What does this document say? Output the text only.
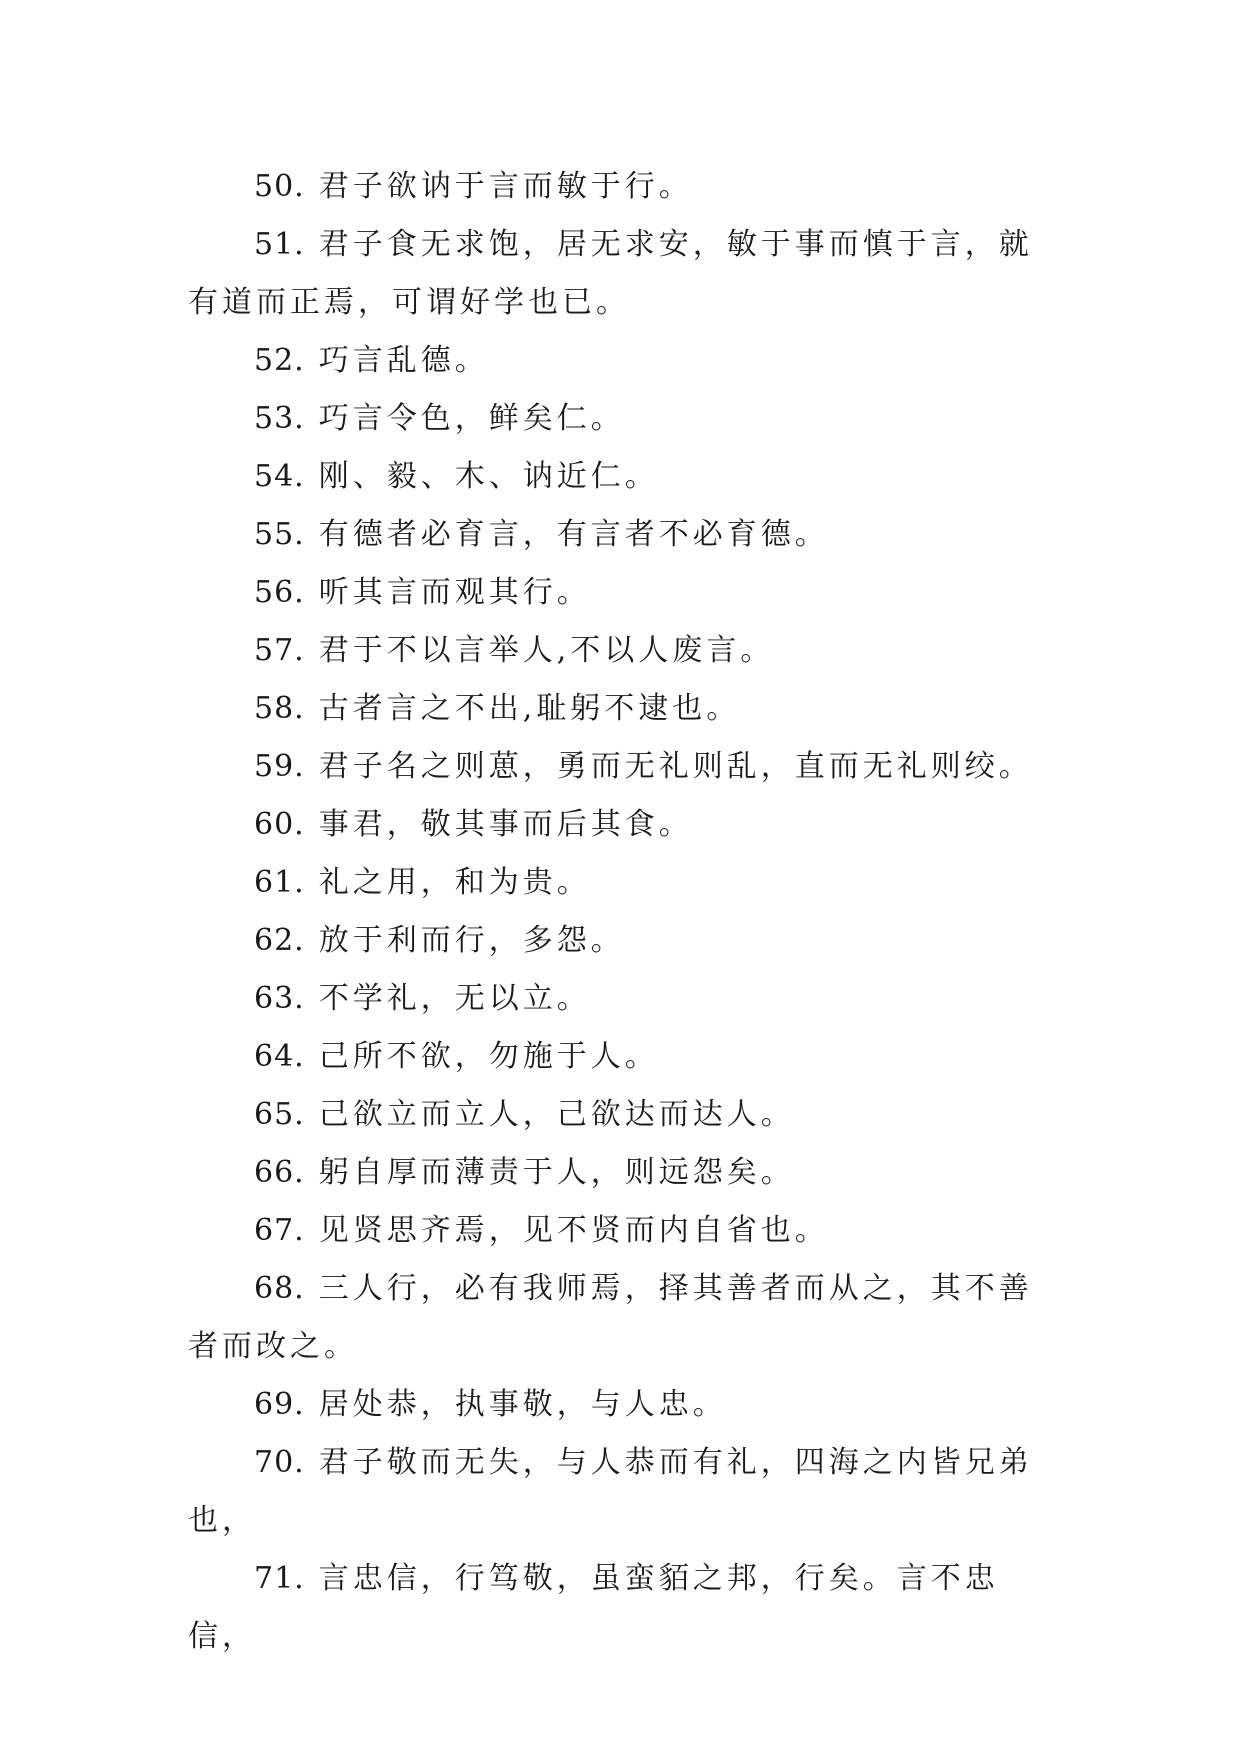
50. 君子欲讷于言而敏于行。

51. 君子食无求饱，居无求安，敏于事而慎于言，就有道而正焉，可谓好学也已。

52. 巧言乱德。

53. 巧言令色，鲜矣仁。

54. 刚、毅、木、讷近仁。

55. 有德者必育言，有言者不必育德。

56. 听其言而观其行。

57. 君于不以言举人,不以人废言。

58. 古者言之不出,耻躬不逮也。

59. 君子名之则葸，勇而无礼则乱，直而无礼则绞。

60. 事君，敬其事而后其食。

61. 礼之用，和为贵。

62. 放于利而行，多怨。

63. 不学礼，无以立。

64. 己所不欲，勿施于人。

65. 己欲立而立人，己欲达而达人。

66. 躬自厚而薄责于人，则远怨矣。

67. 见贤思齐焉，见不贤而内自省也。

68. 三人行，必有我师焉，择其善者而从之，其不善者而改之。

69. 居处恭，执事敬，与人忠。

70. 君子敬而无失，与人恭而有礼，四海之内皆兄弟也，

71. 言忠信，行笃敬，虽蛮貊之邦，行矣。言不忠信，
